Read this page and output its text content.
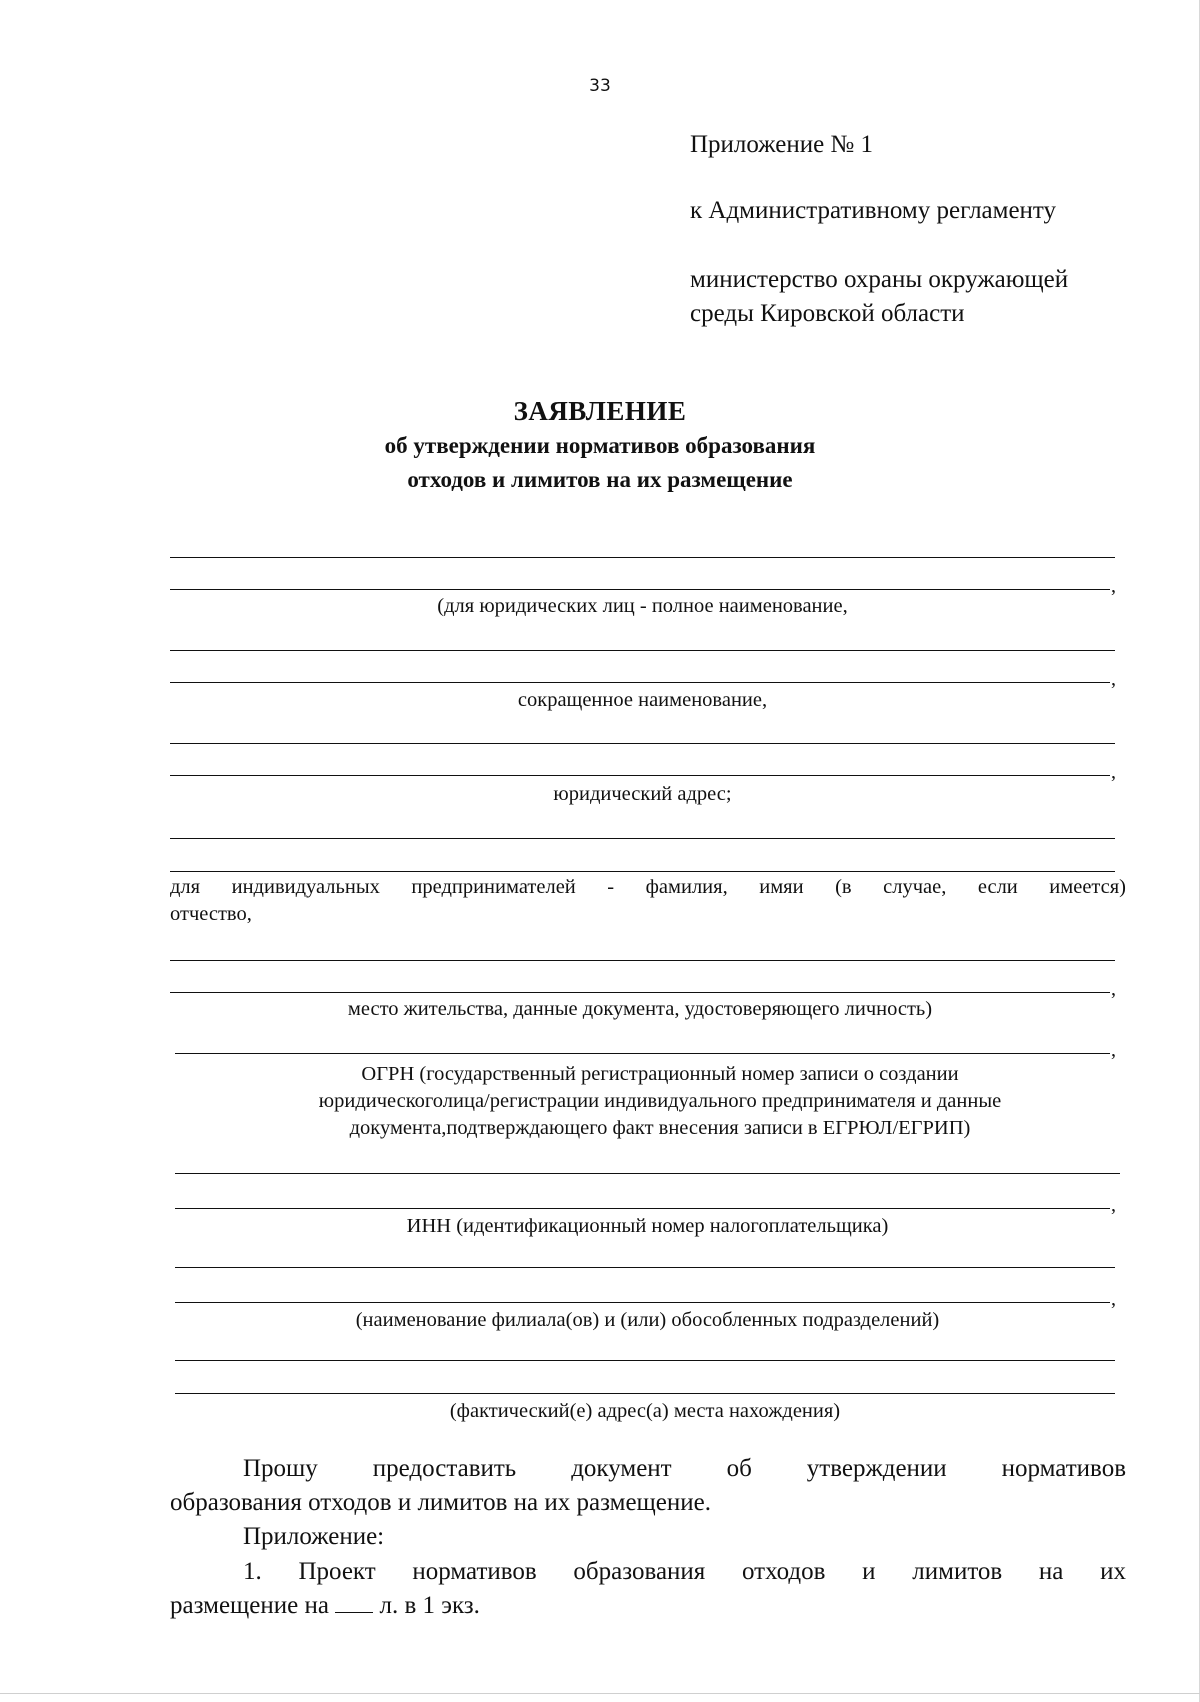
33
Приложение № 1
к Административному регламенту
министерство охраны окружающей
среды Кировской области
ЗАЯВЛЕНИЕ
об утверждении нормативов образования
отходов и лимитов на их размещение
,
(для юридических лиц - полное наименование,
,
сокращенное наименование,
,
юридический адрес;
для индивидуальных предпринимателей - фамилия, имяи (в случае, если имеется)
отчество,
,
место жительства, данные документа, удостоверяющего личность)
,
ОГРН (государственный регистрационный номер записи о создании
юридическоголица/регистрации индивидуального предпринимателя и данные
документа,подтверждающего факт внесения записи в ЕГРЮЛ/ЕГРИП)
,
ИНН (идентификационный номер налогоплательщика)
,
(наименование филиала(ов) и (или) обособленных подразделений)
(фактический(е) адрес(а) места нахождения)
Прошу предоставить документ об утверждении нормативов
образования отходов и лимитов на их размещение.
Приложение:
1. Проект нормативов образования отходов и лимитов на их
размещение на л. в 1 экз.
